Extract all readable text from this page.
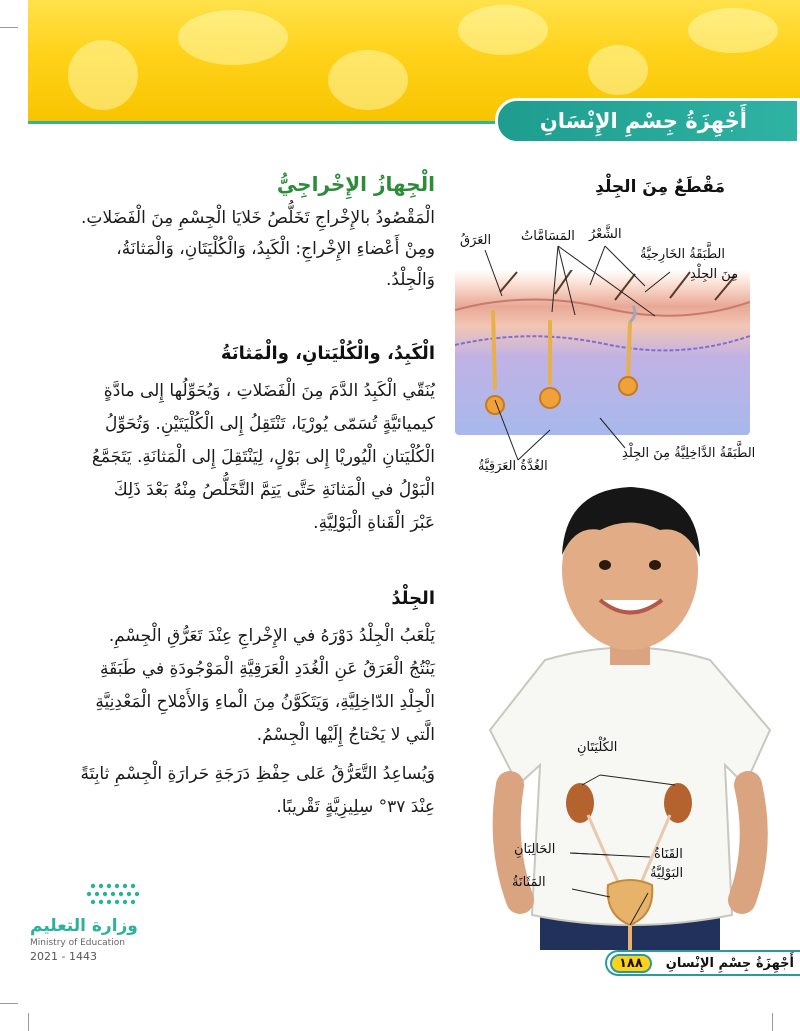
أَجْهِزَةُ جِسْمِ الإِنْسَانِ
الْجِهازُ الإِخْراجِيُّ
الْمَقْصُودُ بالإِخْراجِ تَخَلُّصُ خَلايَا الْجِسْمِ مِنَ الْفَضَلاتِ.
ومِنْ أَعْضاءِ الإِخْراجِ: الْكَبِدُ، وَالْكُلْيَتَانِ، وَالْمَثانَةُ،
وَالْجِلْدُ.
الْكَبِدُ، والْكُلْيَتانِ، والْمَثانَةُ
يُنَقّي الْكَبِدُ الدَّمَ مِنَ الْفَضَلاتِ ، وَيُحَوِّلُها إِلى مادَّةٍ
كيميائيَّةٍ تُسَمّى يُورْيَا، تَنْتَقِلُ إِلى الْكُلْيَتَيْنِ. وَتُحَوِّلُ
الْكُلْيَتانِ الْيُوريْا إِلى بَوْلٍ، لِيَنْتَقِلَ إِلى الْمَثانَةِ. يَتَجَمَّعُ
الْبَوْلُ في الْمَثانَةِ حَتَّى يَتِمَّ التَّخَلُّصُ مِنْهُ بَعْدَ ذَلِكَ
عَبْرَ الْقَناةِ الْبَوْلِيَّةِ.
الجِلْدُ
يَلْعَبُ الْجِلْدُ دَوْرَهُ في الإِخْراجِ عِنْدَ تَعَرُّقِ الْجِسْمِ.
يَنْتُجُ الْعَرَقُ عَنِ الْغُدَدِ الْعَرَقِيَّةِ الْمَوْجُودَةِ في طَبَقَةِ
الْجِلْدِ الدّاخِلِيَّةِ، وَيَتَكَوَّنُ مِنَ الْماءِ وَالأَمْلاحِ الْمَعْدِنِيَّةِ
الَّتي لا يَحْتاجُ إِلَيْها الْجِسْمُ.
وَيُساعِدُ التَّعَرُّقُ عَلى حِفْظِ دَرَجَةِ حَرارَةِ الْجِسْمِ ثابِتَةً
عِنْدَ ٣٧° سِلِيزِيَّةٍ تَقْريبًا.
مَقْطَعٌ مِنَ الجِلْدِ
العَرَقُ المَسَامَّاتُ الشَّعْرُ
الطَّبَقَةُ الخَارِجيَّةُ
مِنَ الجِلْدِ
الطَّبَقَةُ الدَّاخِلِيَّةُ مِنَ الجِلْدِ
الغُدَّةُ العَرَقِيَّةُ
الكُلْيَتَانِ
الحَالِبَانِ
المَثَانَةُ
القَنَاةُ
البَوْلِيَّةُ
وزارة التعليم
Ministry of Education
2021 - 1443	١٨٨	أَجْهِزَةُ جِسْمِ الإِنْسانِ
